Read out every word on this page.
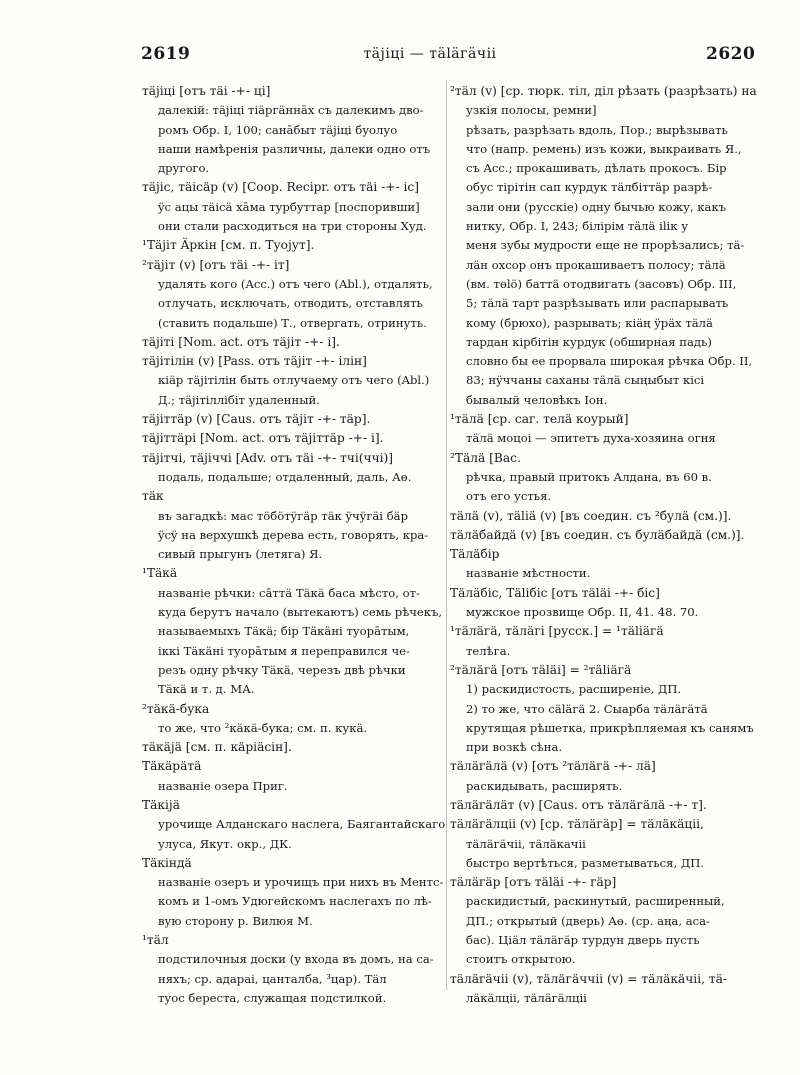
2619	тäjiцi — тäläгäчiі	2620
тäjiцi [отъ тäi -+- цi]
далекiй: тäjiцi тiäргäннāх съ далекимъ дво-
ромъ Обр. I, 100; санāбыт тäjiцi буолуо
наши намѣренія различны, далеки одно отъ
другого.
тäjic, тäicäр (v) [Coop. Recipr. отъ тäi -+- ic]
ÿс ацы тäicä хāма турбуттар [поспоривши]
они стали расходиться на три стороны Худ.
¹Тäjiт Äркiн [см. п. Туоjут].
²тäjiт (v) [отъ тäi -+- iт]
удалять кого (Acc.) отъ чего (Abl.), отдалять,
отлучать, исключать, отводить, отставлять
(ставить подальше) Т., отвергать, отринуть.
тäjiтi [Nom. act. отъ тäjiт -+- i].
тäjiтiлiн (v) [Pass. отъ тäjiт -+- iлiн]
кiäр тäjiтiлiн быть отлучаему отъ чего (Abl.)
Д.; тäjiтiллiбiт удаленный.
тäjiттäр (v) [Caus. отъ тäjiт -+- тäр].
тäjiттäрi [Nom. act. отъ тäjiттäр -+- i].
тäjiтчi, тäjiччi [Adv. отъ тäi -+- тчi(ччi)]
подаль, подальше; отдаленный, даль, Аө.
тäк
въ загадкѣ: мас тöбöтÿгäр тäк ÿчÿгäi бäр
ÿсÿ на верхушкѣ дерева есть, говорять, кра-
сивый прыгунъ (летяга) Я.
¹Тäкä
названіе рѣчки: сāттä Тäкä баса мѣсто, от-
куда берутъ начало (вытекаютъ) семь рѣчекъ,
называемыхъ Тäкä; бiр Тäкäнi туорāтым,
iккi Тäкäнi туорāтым я переправился че-
резъ одну рѣчку Тäкä, черезъ двѣ рѣчки
Тäкä и т. д. МА.
²тäкä-бука
то же, что ²кäкä-бука; см. п. кукä.
тäкäjä [см. п. кäрiäсiн].
Тäкäрäтä
названіе озера Приг.
Тäкijä
урочище Алданскаго наслега, Баягантайскаго
улуса, Якут. окр., ДК.
Тäкiндä
названіе озеръ и урочищъ при нихъ въ Ментс-
комъ и 1-омъ Удюгейскомъ наслегахъ по лѣ-
вую сторону р. Вилюя М.
¹тäл
подстилочныя доски (у входа въ домъ, на са-
няхъ; ср. адарai, цанталба, ³цар). Тäл
туос береста, служащая подстилкой.
²тäл (v) [ср. тюрк. тiл, дiл рѣзать (разрѣзать) на
узкія полосы, ремни]
рѣзать, разрѣзать вдоль, Пор.; вырѣзывать
что (напр. ремень) изъ кожи, выкраивать Я.,
съ Acc.; прокашивать, дѣлать прокосъ. Бiр
обус тiрiтiн сап курдук тäлбiттäр разрѣ-
зали они (русскіе) одну бычью кожу, какъ
нитку, Обр. I, 243; бiлiрiм тäлä iliк у
меня зубы мудрости еще не прорѣзались; тä-
лäн охсор онъ прокашиваетъ полосу; тäлä
(вм. төlö) баттä отодвигать (засовъ) Обр. III,
5; тäлä тарт разрѣзывать или распарывать
кому (брюхо), разрывать; кiäң ÿрäх тäлä
тардан кiрбiтiн курдук (обширная падь)
словно бы ее прорвала широкая рѣчка Обр. II,
83; нÿччаны саханы тäлä сыңыбыт кiсi
бывалый человѣкъ Іон.
¹тäлä [ср. саг. телä коурый]
тäлä моцоі — эпитетъ духа-хозяина огня
²Тäлä [Вас.
рѣчка, правый притокъ Алдана, въ 60 в.
отъ его устья.
тäлä (v), тäliä (v) [въ соедин. съ ²булä (см.)].
тäлäбайдä (v) [въ соедин. съ булäбайдä (см.)].
Тäлäбiр
названіе мѣстности.
Тäлäбiс, Тäliбiс [отъ тäläi -+- бiс]
мужское прозвище Обр. II, 41. 48. 70.
¹тäлäгä, тäлäгi [русск.] = ¹тäliäгä
телѣга.
²тäлäгä [отъ тäläi] = ²тäliäгä
1) раскидистость, расширеніе, ДП.
2) то же, что сäläгä 2. Сыарба тäлäгäтä
крутящая рѣшетка, прикрѣпляемая къ санямъ
при возкѣ сѣна.
тäлäгäлä (v) [отъ ²тäлäгä -+- лä]
раскидывать, расширять.
тäлäгäлäт (v) [Caus. отъ тäлäгäлä -+- т].
тäлäгäлцiі (v) [ср. тäлäгäр] = тäлäкäцiі,
тäлäгäчiі, тäлäкачiі
быстро вертѣться, разметываться, ДП.
тäлäгäр [отъ тäläi -+- гäр]
раскидистый, раскинутый, расширенный,
ДП.; открытый (дверь) Аө. (ср. аңа, аса-
бас). Цiäл тäлäгäр турдун дверь пусть
стоитъ открытою.
тäлäгäчiі (v), тäлäгäччiі (v) = тäлäкäчiі, тä-
лäкäлцiі, тäлäгäлцiі
